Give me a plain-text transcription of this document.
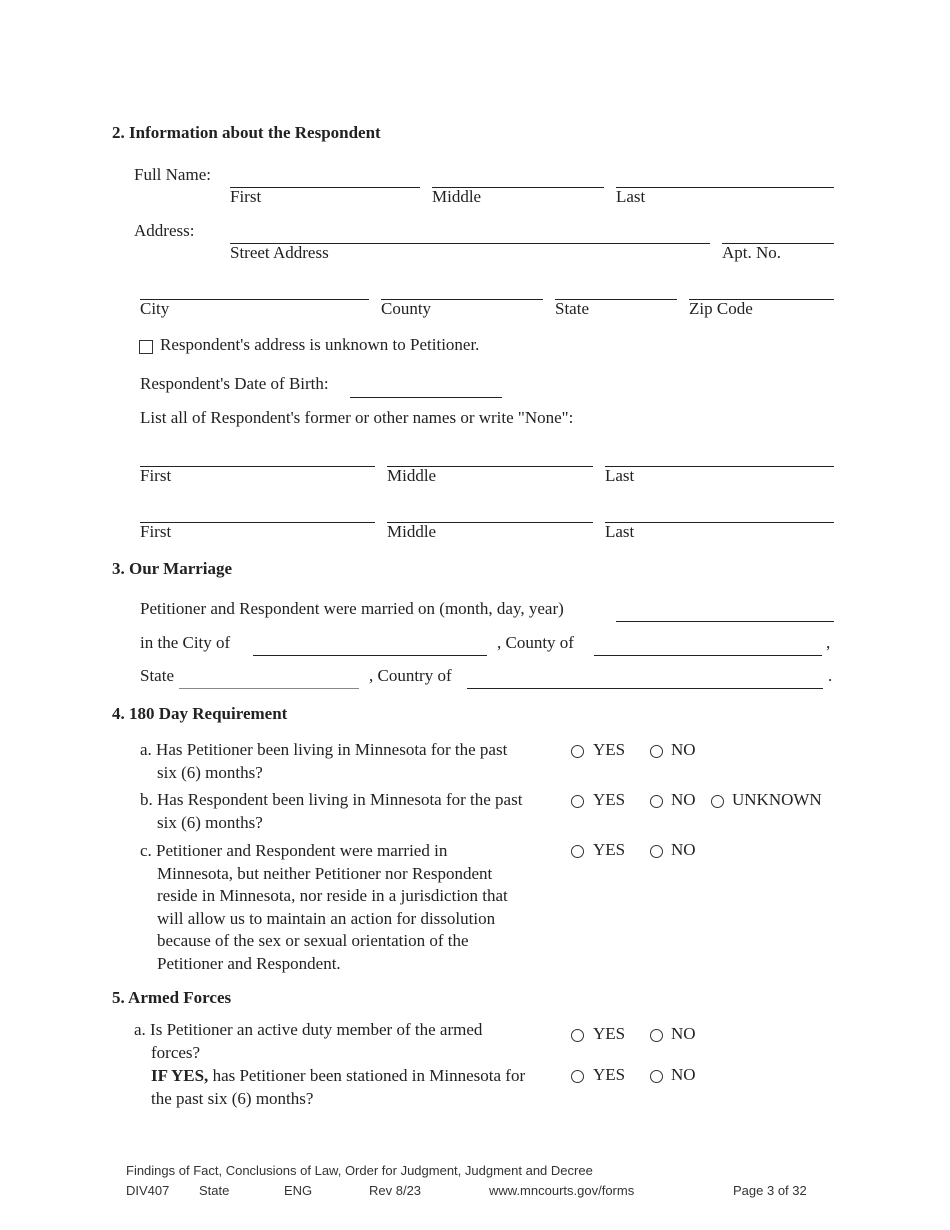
2. Information about the Respondent
Full Name:
First	Middle	Last
Address:
Street Address	Apt. No.
City	County	State	Zip Code
Respondent's address is unknown to Petitioner.
Respondent's Date of Birth:
List all of Respondent's former or other names or write "None":
First	Middle	Last
First	Middle	Last
3. Our Marriage
Petitioner and Respondent were married on (month, day, year)
in the City of	, County of	,
State	, Country of	.
4. 180 Day Requirement
a. Has Petitioner been living in Minnesota for the past
six (6) months?
YES	NO
b. Has Respondent been living in Minnesota for the past
six (6) months?
YES	NO UNKNOWN
c. Petitioner and Respondent were married in
Minnesota, but neither Petitioner nor Respondent
reside in Minnesota, nor reside in a jurisdiction that
will allow us to maintain an action for dissolution
because of the sex or sexual orientation of the
Petitioner and Respondent.
YES	NO
5. Armed Forces
a. Is Petitioner an active duty member of the armed
forces?
YES	NO
IF YES, has Petitioner been stationed in Minnesota for
the past six (6) months?
YES	NO
Findings of Fact, Conclusions of Law, Order for Judgment, Judgment and Decree
DIV407 State	ENG	Rev 8/23	www.mncourts.gov/forms	Page 3 of 32
